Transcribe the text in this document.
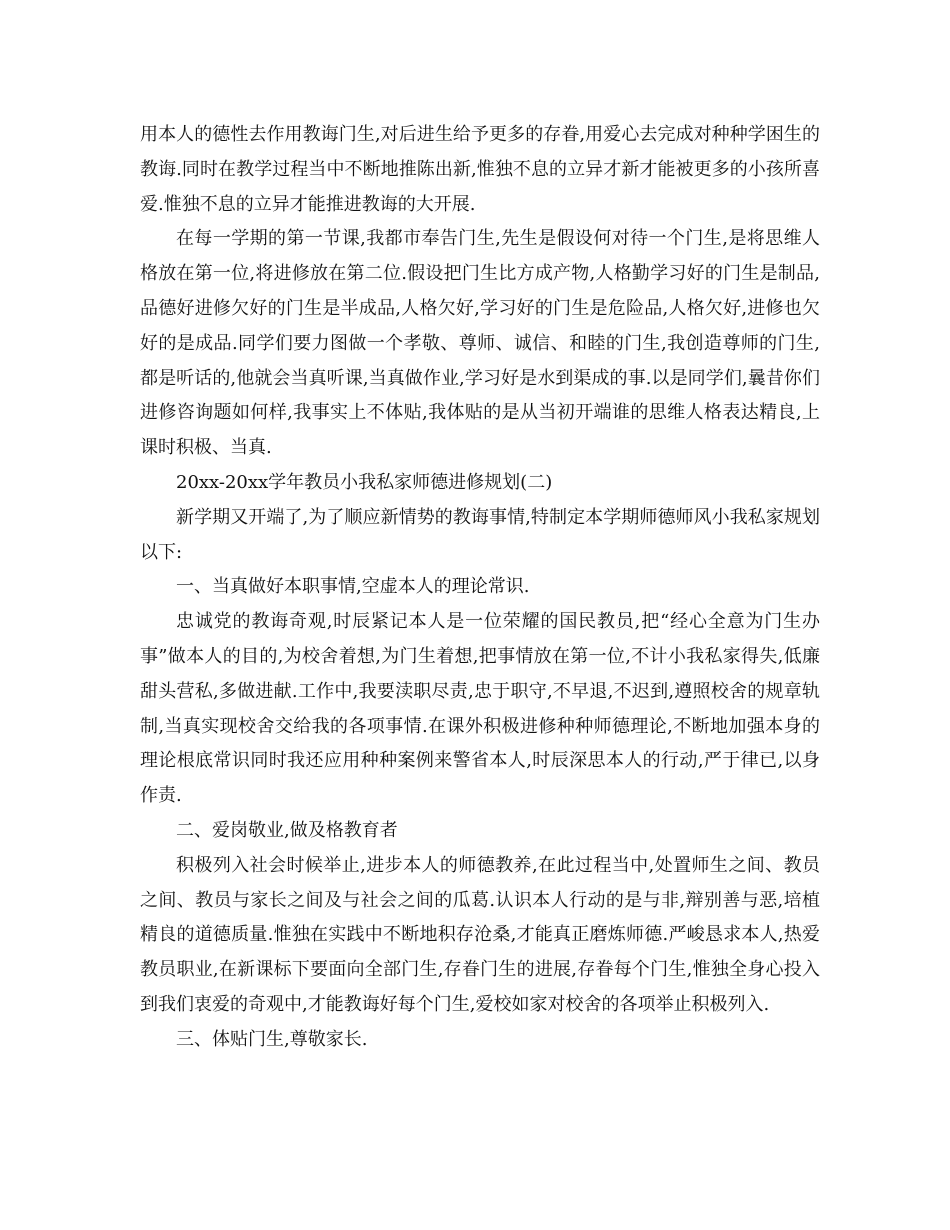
用本人的德性去作用教诲门生,对后进生给予更多的存眷,用爱心去完成对种种学困生的教诲.同时在教学过程当中不断地推陈出新,惟独不息的立异才新才能被更多的小孩所喜爱.惟独不息的立异才能推进教诲的大开展.

在每一学期的第一节课,我都市奉告门生,先生是假设何对待一个门生,是将思维人格放在第一位,将进修放在第二位.假设把门生比方成产物,人格勤学习好的门生是制品,品德好进修欠好的门生是半成品,人格欠好,学习好的门生是危险品,人格欠好,进修也欠好的是成品.同学们要力图做一个孝敬、尊师、诚信、和睦的门生,我创造尊师的门生,都是听话的,他就会当真听课,当真做作业,学习好是水到渠成的事.以是同学们,曩昔你们进修咨询题如何样,我事实上不体贴,我体贴的是从当初开端谁的思维人格表达精良,上课时积极、当真.

20xx-20xx学年教员小我私家师德进修规划(二)

新学期又开端了,为了顺应新情势的教诲事情,特制定本学期师德师风小我私家规划以下:

一、当真做好本职事情,空虚本人的理论常识.

忠诚党的教诲奇观,时辰紧记本人是一位荣耀的国民教员,把“经心全意为门生办事”做本人的目的,为校舍着想,为门生着想,把事情放在第一位,不计小我私家得失,低廉甜头营私,多做进献.工作中,我要渎职尽责,忠于职守,不早退,不迟到,遵照校舍的规章轨制,当真实现校舍交给我的各项事情.在课外积极进修种种师德理论,不断地加强本身的理论根底常识同时我还应用种种案例来警省本人,时辰深思本人的行动,严于律已,以身作责.

二、爱岗敬业,做及格教育者

积极列入社会时候举止,进步本人的师德教养,在此过程当中,处置师生之间、教员之间、教员与家长之间及与社会之间的瓜葛.认识本人行动的是与非,辩别善与恶,培植精良的道德质量.惟独在实践中不断地积存沧桑,才能真正磨炼师德.严峻恳求本人,热爱教员职业,在新课标下要面向全部门生,存眷门生的进展,存眷每个门生,惟独全身心投入到我们衷爱的奇观中,才能教诲好每个门生,爱校如家对校舍的各项举止积极列入.

三、体贴门生,尊敬家长.
